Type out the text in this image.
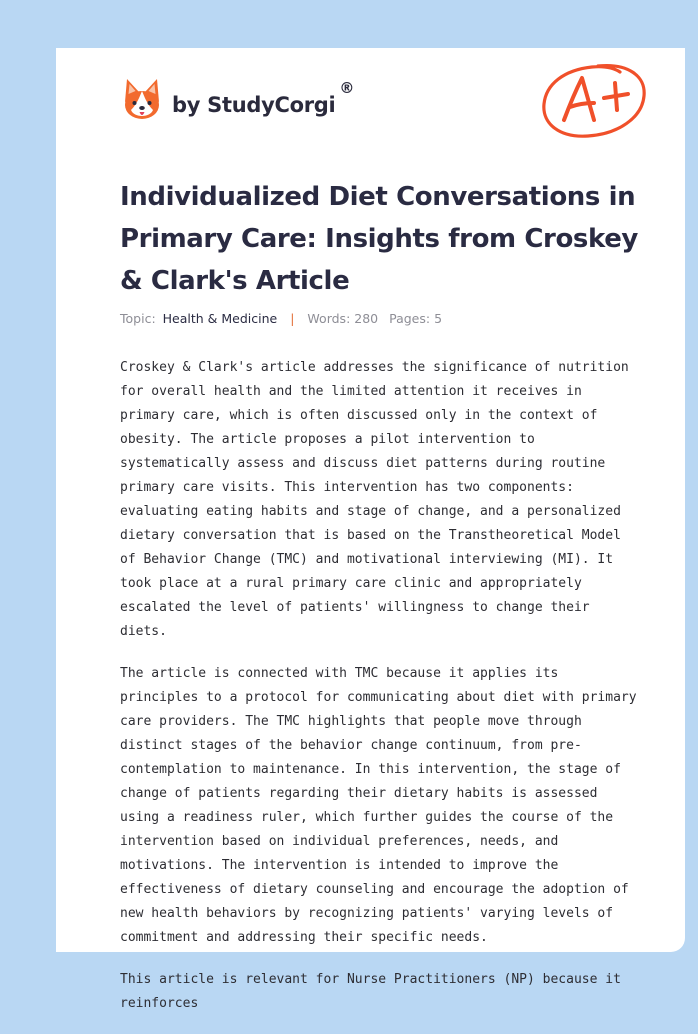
by StudyCorgi
®
Individualized Diet Conversations in Primary Care: Insights from Croskey & Clark's Article
Topic: Health & Medicine | Words: 280 Pages: 5

Croskey & Clark's article addresses the significance of nutrition for overall health and the limited attention it receives in primary care, which is often discussed only in the context of obesity. The article proposes a pilot intervention to systematically assess and discuss diet patterns during routine primary care visits. This intervention has two components: evaluating eating habits and stage of change, and a personalized dietary conversation that is based on the Transtheoretical Model of Behavior Change (TMC) and motivational interviewing (MI). It took place at a rural primary care clinic and appropriately escalated the level of patients' willingness to change their diets.

The article is connected with TMC because it applies its principles to a protocol for communicating about diet with primary care providers. The TMC highlights that people move through distinct stages of the behavior change continuum, from pre-contemplation to maintenance. In this intervention, the stage of change of patients regarding their dietary habits is assessed using a readiness ruler, which further guides the course of the intervention based on individual preferences, needs, and motivations. The intervention is intended to improve the effectiveness of dietary counseling and encourage the adoption of new health behaviors by recognizing patients' varying levels of commitment and addressing their specific needs.

This article is relevant for Nurse Practitioners (NP) because it reinforces
